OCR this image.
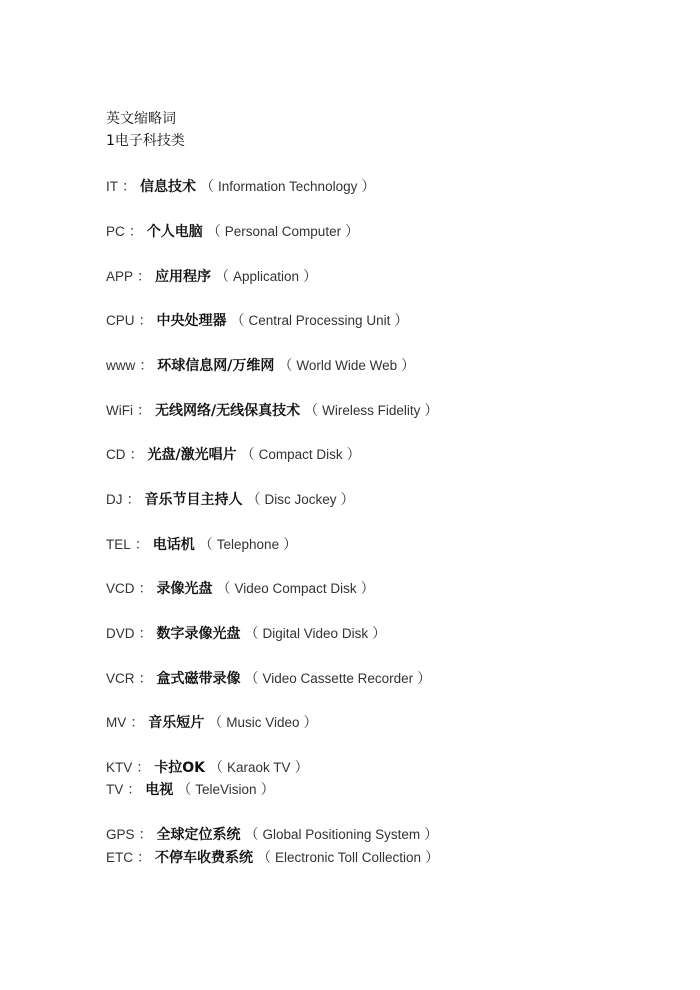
英文缩略词
1电子科技类
IT ： 信息技术 （ Information Technology ）
PC ： 个人电脑 （ Personal Computer ）
APP ： 应用程序 （ Application ）
CPU ： 中央处理器 （ Central Processing Unit ）
www ： 环球信息网/万维网 （ World Wide Web ）
WiFi ： 无线网络/无线保真技术 （ Wireless Fidelity ）
CD ： 光盘/激光唱片 （ Compact Disk ）
DJ ： 音乐节目主持人 （ Disc Jockey ）
TEL ： 电话机 （ Telephone ）
VCD ： 录像光盘 （ Video Compact Disk ）
DVD ： 数字录像光盘 （ Digital Video Disk ）
VCR ： 盒式磁带录像 （ Video Cassette Recorder ）
MV ： 音乐短片 （ Music Video ）
KTV ： 卡拉OK （ Karaok TV ）
TV ： 电视 （ TeleVision ）
GPS ： 全球定位系统 （ Global Positioning System ）
ETC ： 不停车收费系统 （ Electronic Toll Collection ）
